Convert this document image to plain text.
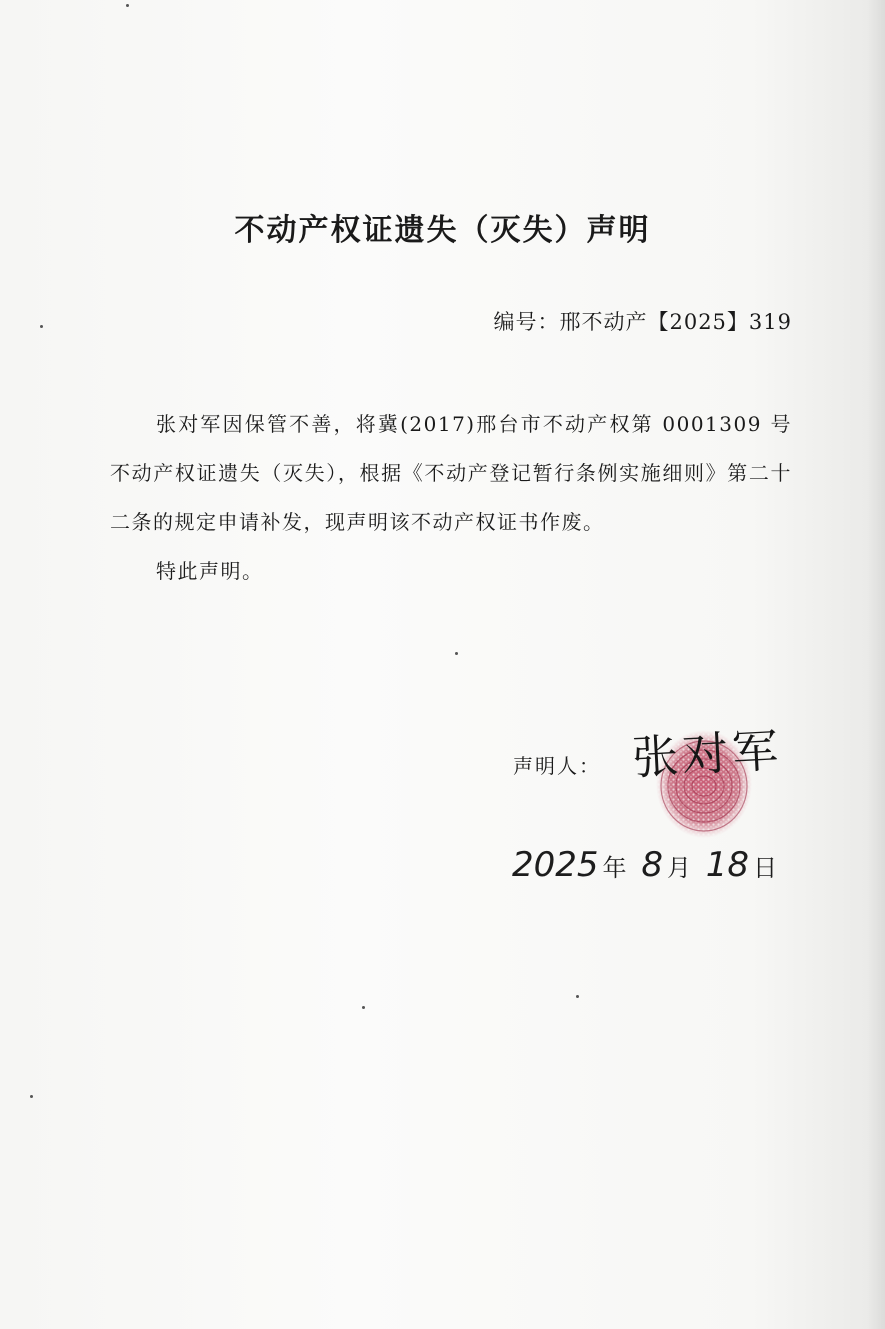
不动产权证遗失（灭失）声明
编号：邢不动产【2025】319

张对军因保管不善，将冀(2017)邢台市不动产权第 0001309 号不动产权证遗失（灭失），根据《不动产登记暂行条例实施细则》第二十二条的规定申请补发，现声明该不动产权证书作废。

特此声明。

声明人： 张对军
2025 年 8 月 18 日
